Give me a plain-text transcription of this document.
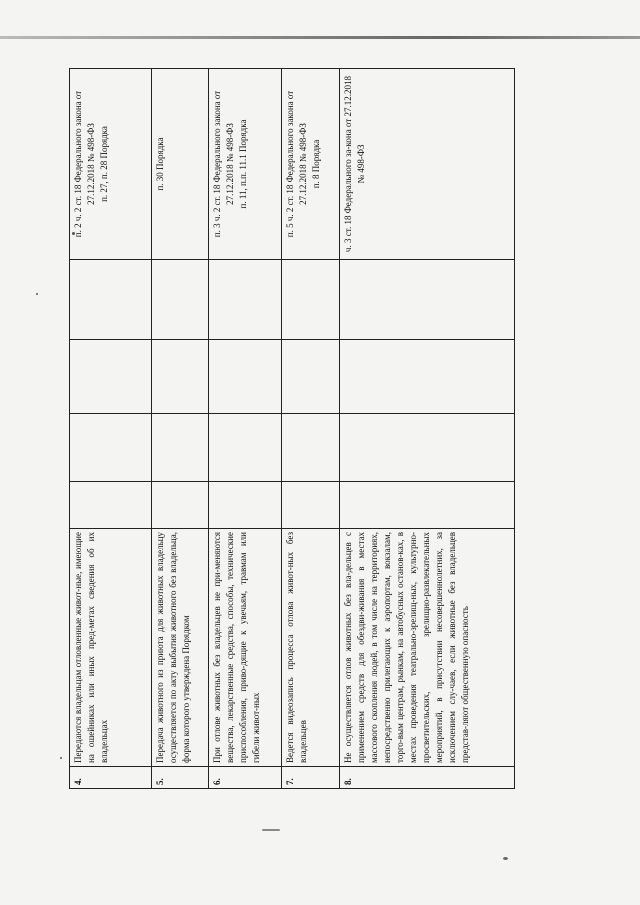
4.	Передаются владельцам отловленные живот-ные, имеющие на ошейниках или иных пред-метах сведения об их владельцах					п. 2 ч. 2 ст. 18 Федерального закона от 27.12.2018 № 498-ФЗ п. 27, п. 28 Порядка

5.	Передача животного из приюта для животных владельцу осуществляется по акту выбытия животного без владельца, форма которого утверждена Порядком					п. 30 Порядка

6.	При отлове животных без владельцев не при-меняются вещества, лекарственные средства, способы, технические приспособления, приво-дящие к увечьям, травмам или гибели живот-ных					п. 3 ч. 2 ст. 18 Федерального закона от 27.12.2018 № 498-ФЗ п. 11, п.п. 11.1 Порядка

7.	Ведется видеозапись процесса отлова живот-ных без владельцев					п. 5 ч. 2 ст. 18 Федерального закона от 27.12.2018 № 498-ФЗ п. 8 Порядка

8.	Не осуществляется отлов животных без вла-дельцев с применением средств для обездви-живания в местах массового скопления людей, в том числе на территориях, непосредственно прилегающих к аэропортам, вокзалам, торго-вым центрам, рынкам, на автобусных останов-ках, в местах проведения театрально-зрелищ-ных, культурно-просветительских, зрелищно-развлекательных мероприятий, в присутствии несовершеннолетних, за исключением слу-чаев, если животные без владельцев представ-ляют общественную опасность					ч. 3 ст. 18 Федерального за-кона от 27.12.2018 № 498-ФЗ
